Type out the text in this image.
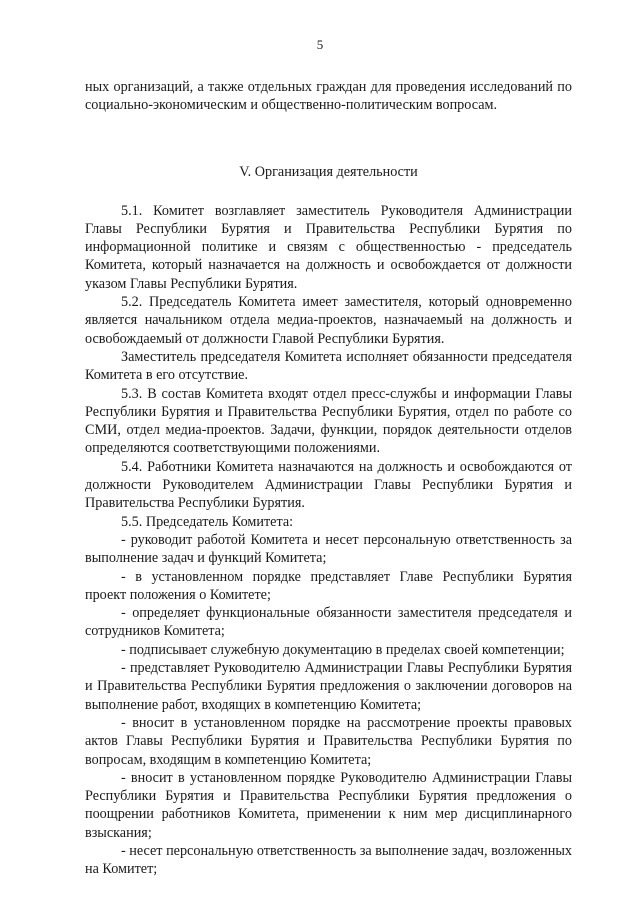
5

ных организаций, а также отдельных граждан для проведения исследований по социально-экономическим и общественно-политическим вопросам.

V. Организация деятельности

5.1. Комитет возглавляет заместитель Руководителя Администрации Главы Республики Бурятия и Правительства Республики Бурятия по информационной политике и связям с общественностью - председатель Комитета, который назначается на должность и освобождается от должности указом Главы Республики Бурятия.

5.2. Председатель Комитета имеет заместителя, который одновременно является начальником отдела медиа-проектов, назначаемый на должность и освобождаемый от должности Главой Республики Бурятия.

Заместитель председателя Комитета исполняет обязанности председателя Комитета в его отсутствие.

5.3. В состав Комитета входят отдел пресс-службы и информации Главы Республики Бурятия и Правительства Республики Бурятия, отдел по работе со СМИ, отдел медиа-проектов. Задачи, функции, порядок деятельности отделов определяются соответствующими положениями.

5.4. Работники Комитета назначаются на должность и освобождаются от должности Руководителем Администрации Главы Республики Бурятия и Правительства Республики Бурятия.

5.5. Председатель Комитета:

- руководит работой Комитета и несет персональную ответственность за выполнение задач и функций Комитета;

- в установленном порядке представляет Главе Республики Бурятия проект положения о Комитете;

- определяет функциональные обязанности заместителя председателя и сотрудников Комитета;

- подписывает служебную документацию в пределах своей компетенции;

- представляет Руководителю Администрации Главы Республики Бурятия и Правительства Республики Бурятия предложения о заключении договоров на выполнение работ, входящих в компетенцию Комитета;

- вносит в установленном порядке на рассмотрение проекты правовых актов Главы Республики Бурятия и Правительства Республики Бурятия по вопросам, входящим в компетенцию Комитета;

- вносит в установленном порядке Руководителю Администрации Главы Республики Бурятия и Правительства Республики Бурятия предложения о поощрении работников Комитета, применении к ним мер дисциплинарного взыскания;

- несет персональную ответственность за выполнение задач, возложенных на Комитет;
